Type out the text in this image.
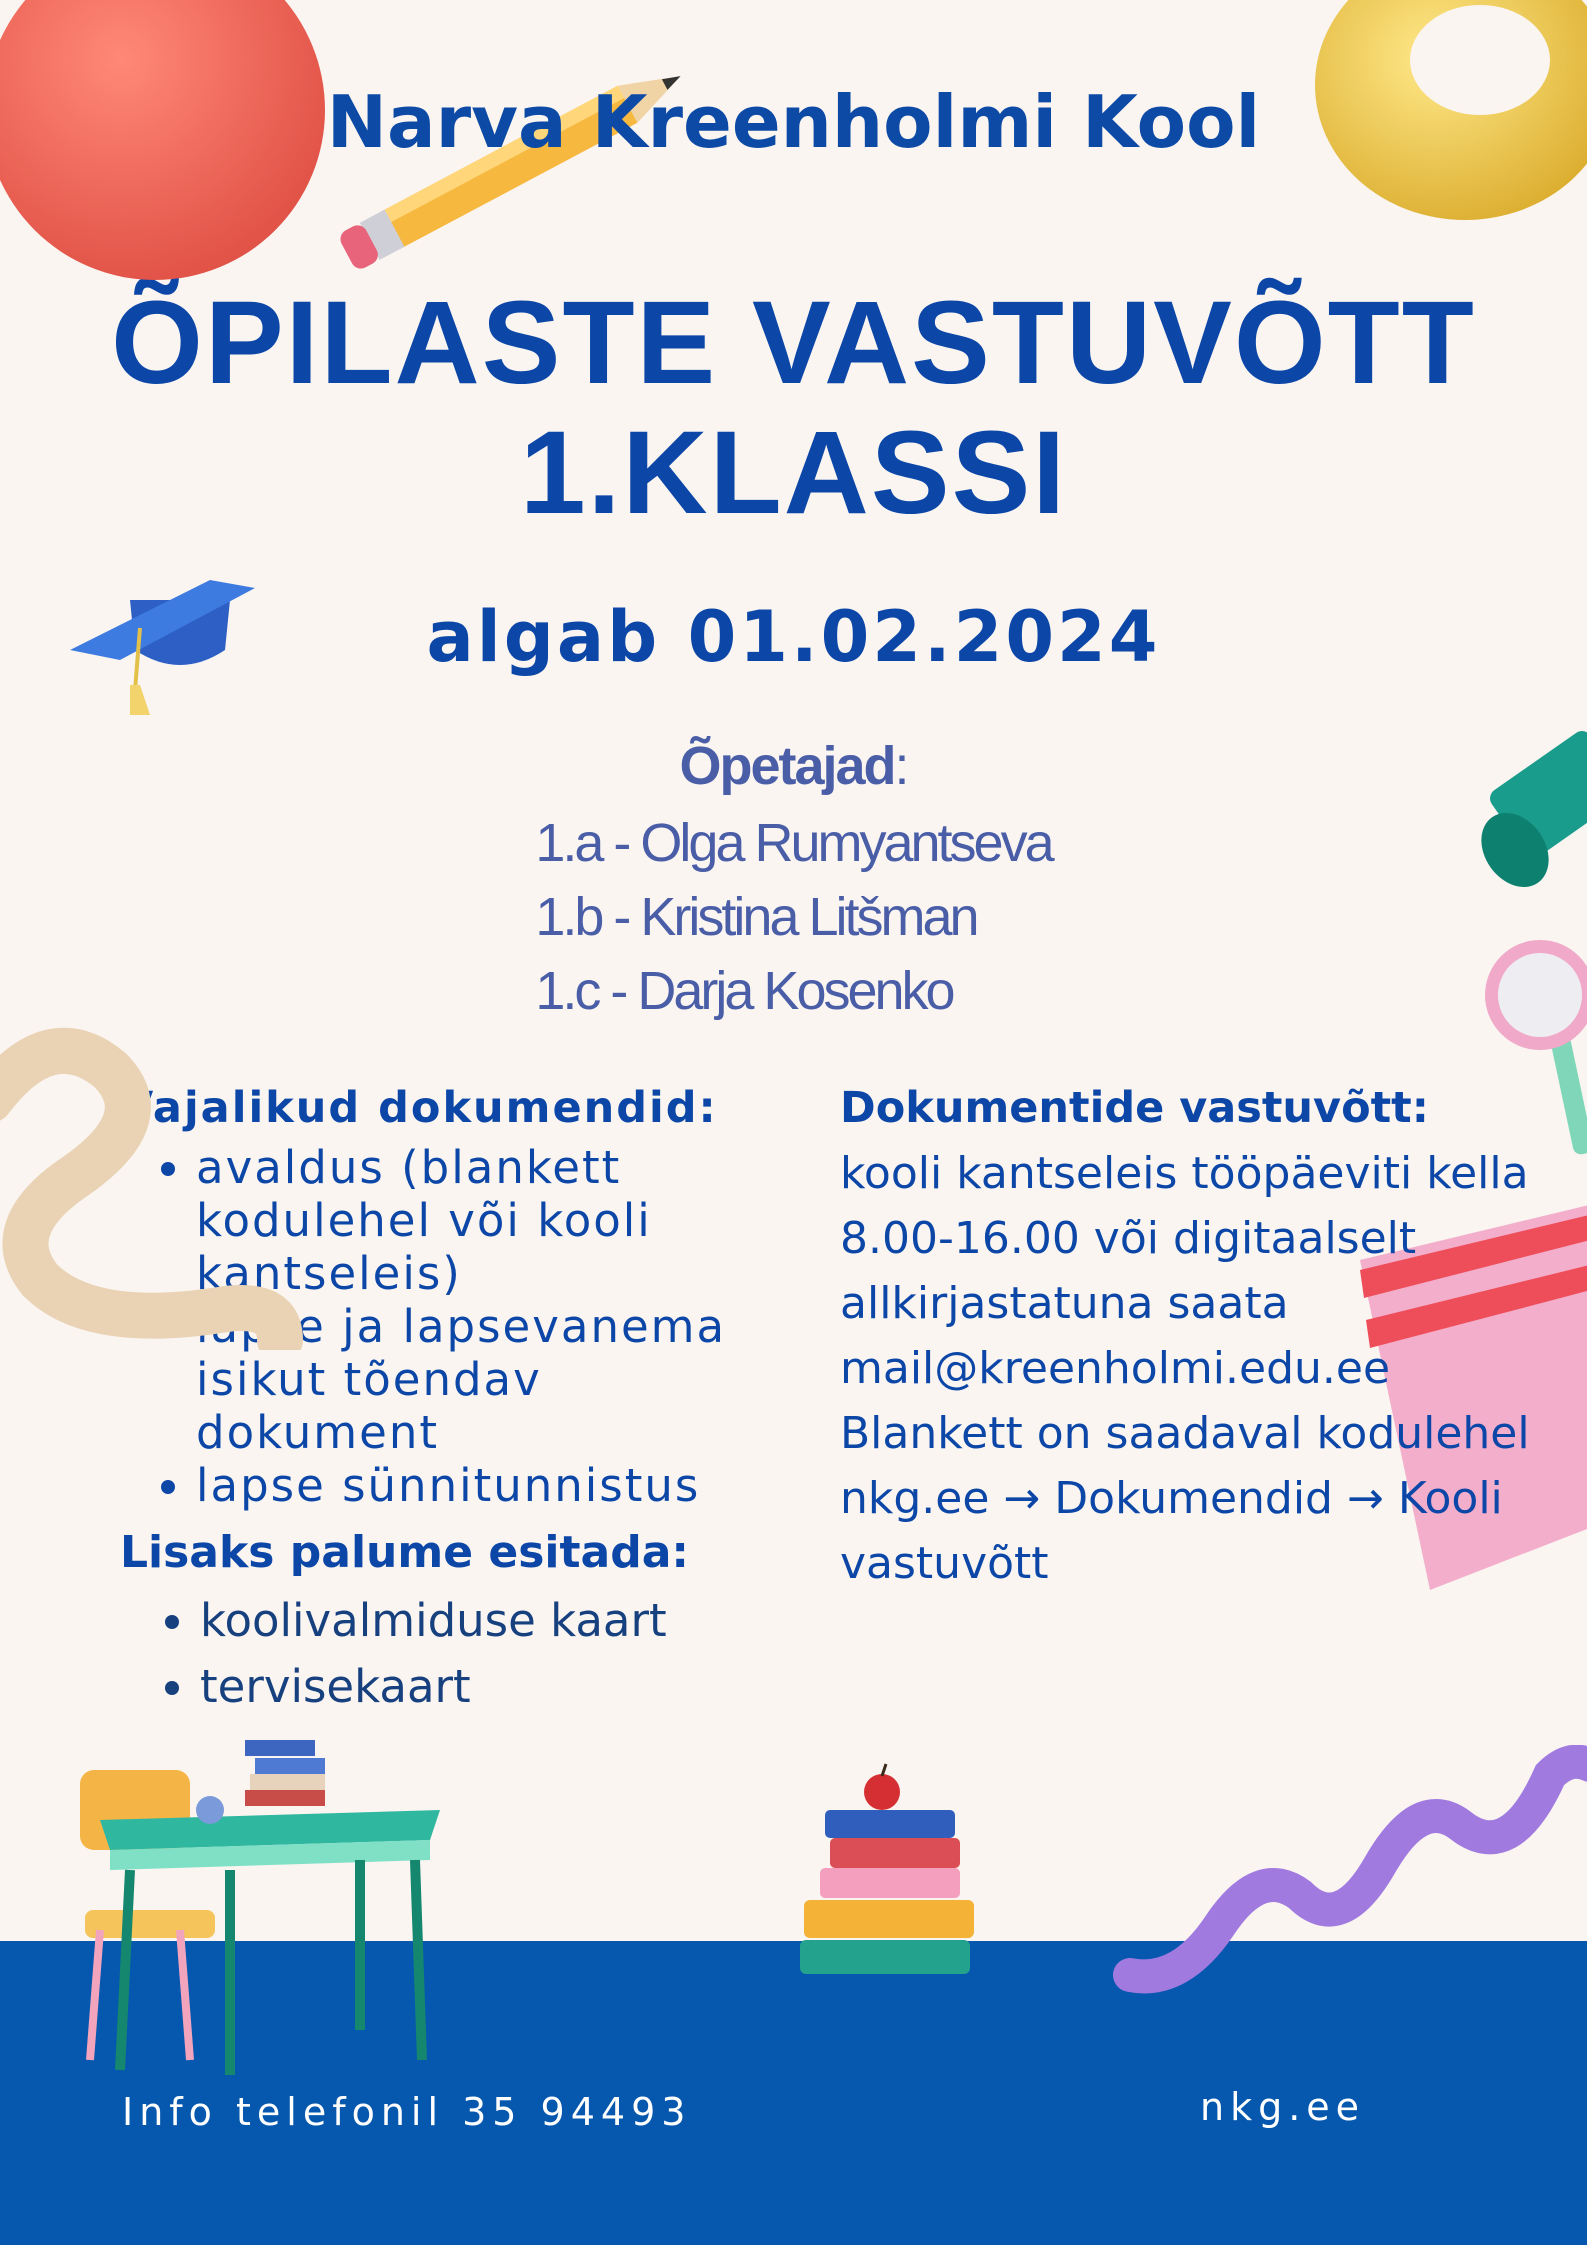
Info telefonil 35 94493	nkg.ee
Narva Kreenholmi Kool
ÕPILASTE VASTUVÕTT
1.KLASSI
algab 01.02.2024
Õpetajad:
1.a - Olga Rumyantseva
1.b - Kristina Litšman
1.c - Darja Kosenko
Vajalikud dokumendid:
• avaldus (blankett kodulehel või kooli kantseleis)
• lapse ja lapsevanema isikut tõendav dokument
• lapse sünnitunnistus
Lisaks palume esitada:
• koolivalmiduse kaart
• tervisekaart
Dokumentide vastuvõtt:
kooli kantseleis tööpäeviti kella
8.00-16.00 või digitaalselt
allkirjastatuna saata
mail@kreenholmi.edu.ee
Blankett on saadaval kodulehel
nkg.ee → Dokumendid → Kooli
vastuvõtt
